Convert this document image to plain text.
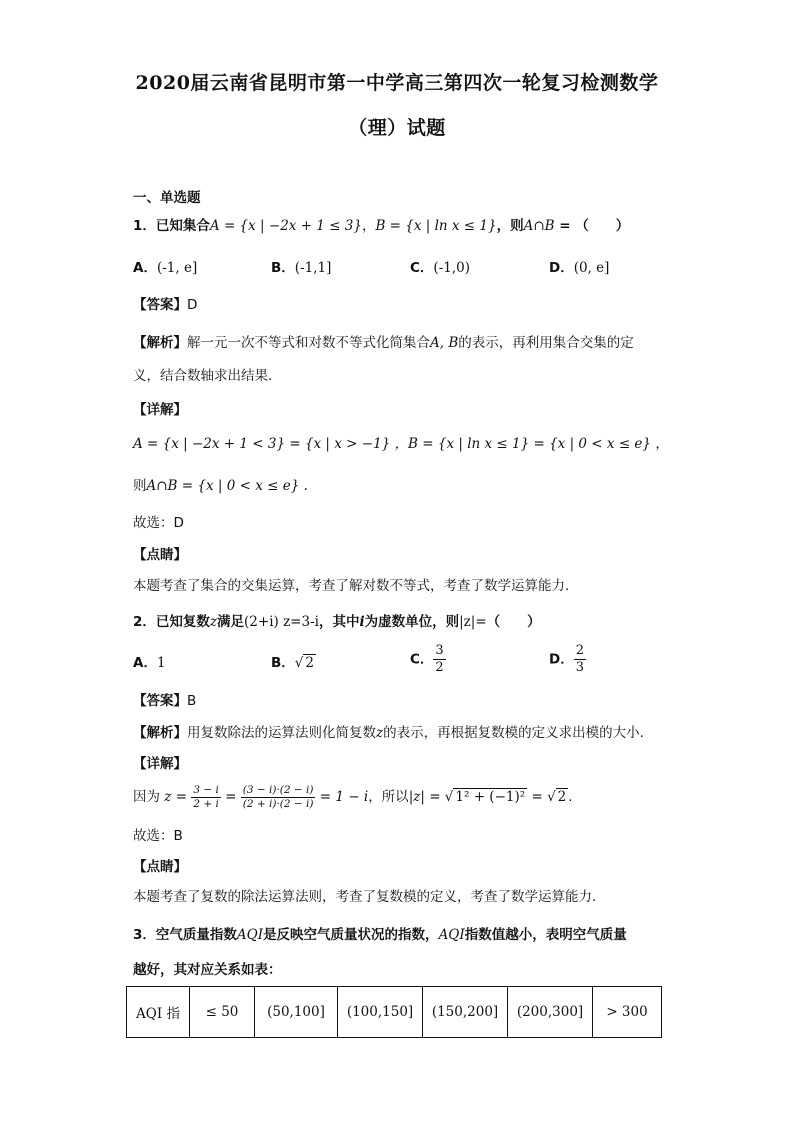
2020届云南省昆明市第一中学高三第四次一轮复习检测数学
（理）试题
一、单选题
1．已知集合A = {x | −2x + 1 ≤ 3}，B = {x | ln x ≤ 1}，则A∩B = （　　）
A．(-1, e]	B．(-1,1]	C．(-1,0)	D．(0, e]
【答案】D
【解析】解一元一次不等式和对数不等式化简集合A, B的表示，再利用集合交集的定
义，结合数轴求出结果.
【详解】
A = {x | −2x + 1 < 3} = {x | x > −1} ，B = {x | ln x ≤ 1} = {x | 0 < x ≤ e} ，
则A∩B = {x | 0 < x ≤ e} .
故选：D
【点睛】
本题考查了集合的交集运算，考查了解对数不等式，考查了数学运算能力.
2．已知复数z满足(2+i) z=3-i，其中i为虚数单位，则|z|=（　　）
A．1	B．√ 2	C． $\frac{3}{2}$	D． $\frac{2}{3}$
【答案】B
【解析】用复数除法的运算法则化简复数z的表示，再根据复数模的定义求出模的大小.
【详解】
因为 $z = \frac{3 - i}{2 + i} = \frac{(3 - i)\cdot(2 - i)}{(2 + i)\cdot(2 - i)} = 1 - i$，所以|z| = √ 1² + (−1)² = √ 2 .
故选：B
【点睛】
本题考查了复数的除法运算法则，考查了复数模的定义，考查了数学运算能力.
3．空气质量指数AQI是反映空气质量状况的指数，AQI指数值越小，表明空气质量
越好，其对应关系如表：
AQI 指	≤ 50	(50,100]	(100,150]	(150,200]	(200,300]	> 300
